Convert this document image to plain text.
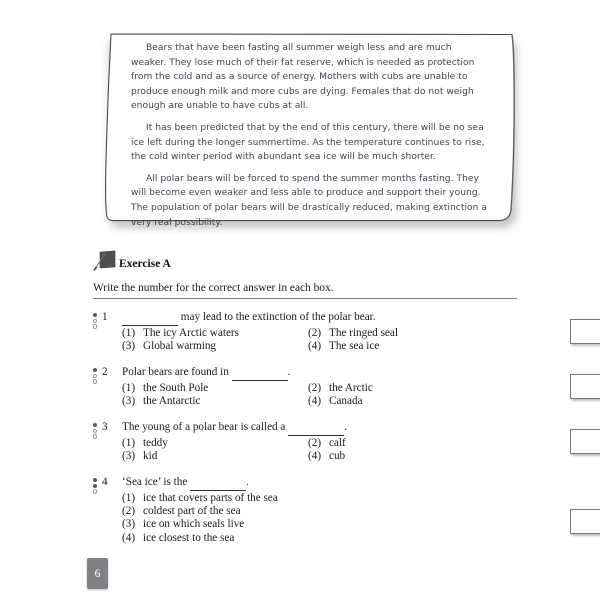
Bears that have been fasting all summer weigh less and are much weaker. They lose much of their fat reserve, which is needed as protection from the cold and as a source of energy. Mothers with cubs are unable to produce enough milk and more cubs are dying. Females that do not weigh enough are unable to have cubs at all.

It has been predicted that by the end of this century, there will be no sea ice left during the longer summertime. As the temperature continues to rise, the cold winter period with abundant sea ice will be much shorter.

All polar bears will be forced to spend the summer months fasting. They will become even weaker and less able to produce and support their young. The population of polar bears will be drastically reduced, making extinction a very real possibility.

Exercise A
Write the number for the correct answer in each box.
1	may lead to the extinction of the polar bear.
(1) The icy Arctic waters	(2) The ringed seal
(3) Global warming	(4) The sea ice
2 Polar bears are found in	.
(1) the South Pole	(2) the Arctic
(3) the Antarctic	(4) Canada
3 The young of a polar bear is called a	.
(1) teddy	(2) calf
(3) kid	(4) cub
4 ‘Sea ice’ is the	.
(1) ice that covers parts of the sea
(2) coldest part of the sea
(3) ice on which seals live
(4) ice closest to the sea
6
